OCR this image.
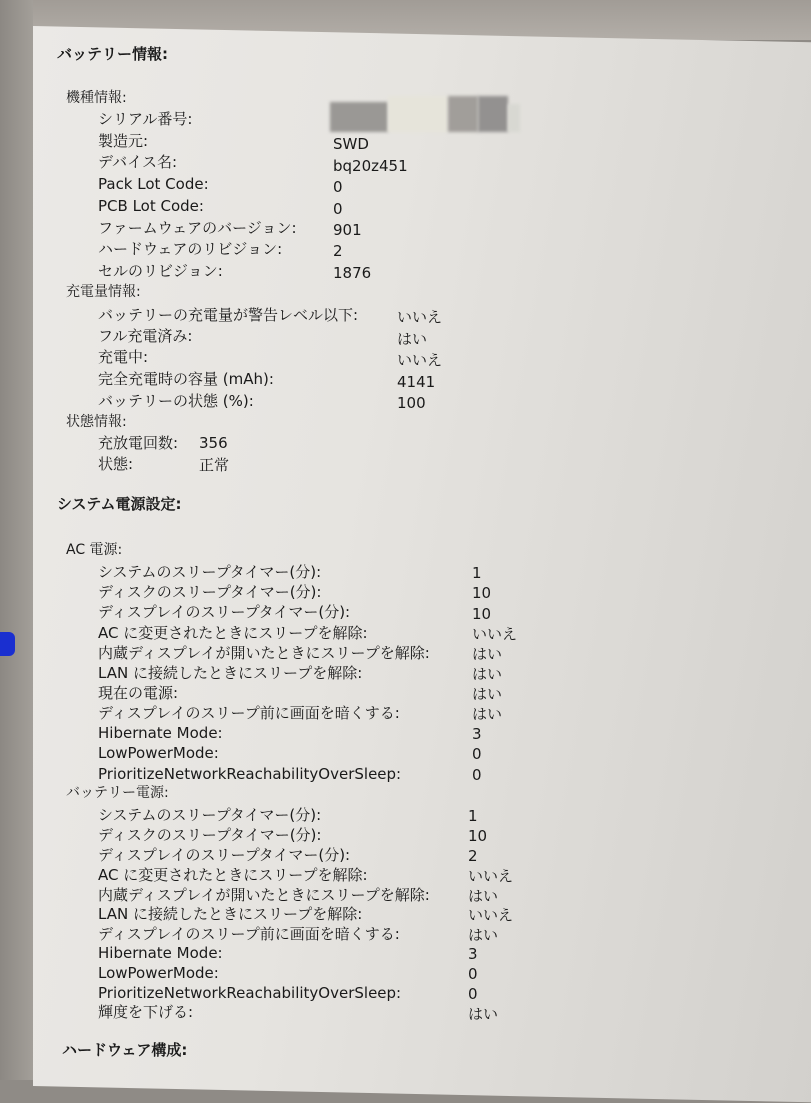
バッテリー情報:
機種情報:
シリアル番号:
製造元:	SWD
デバイス名:	bq20z451
Pack Lot Code:	0
PCB Lot Code:	0
ファームウェアのバージョン: 901
ハードウェアのリビジョン:	2
セルのリビジョン:	1876
充電量情報:
バッテリーの充電量が警告レベル以下:	いいえ
フル充電済み:	はい
充電中:	いいえ
完全充電時の容量 (mAh):	4141
バッテリーの状態 (%):	100
状態情報:
充放電回数: 356
状態:	正常
システム電源設定:
AC 電源:
システムのスリープタイマー(分):	1
ディスクのスリープタイマー(分):	10
ディスプレイのスリープタイマー(分):	10
AC に変更されたときにスリープを解除:	いいえ
内蔵ディスプレイが開いたときにスリープを解除:	はい
LAN に接続したときにスリープを解除:	はい
現在の電源:	はい
ディスプレイのスリープ前に画面を暗くする:	はい
Hibernate Mode:	3
LowPowerMode:	0
PrioritizeNetworkReachabilityOverSleep:	0
バッテリー電源:
システムのスリープタイマー(分):	1
ディスクのスリープタイマー(分):	10
ディスプレイのスリープタイマー(分):	2
AC に変更されたときにスリープを解除:	いいえ
内蔵ディスプレイが開いたときにスリープを解除:	はい
LAN に接続したときにスリープを解除:	いいえ
ディスプレイのスリープ前に画面を暗くする:	はい
Hibernate Mode:	3
LowPowerMode:	0
PrioritizeNetworkReachabilityOverSleep:	0
輝度を下げる:	はい
ハードウェア構成:
